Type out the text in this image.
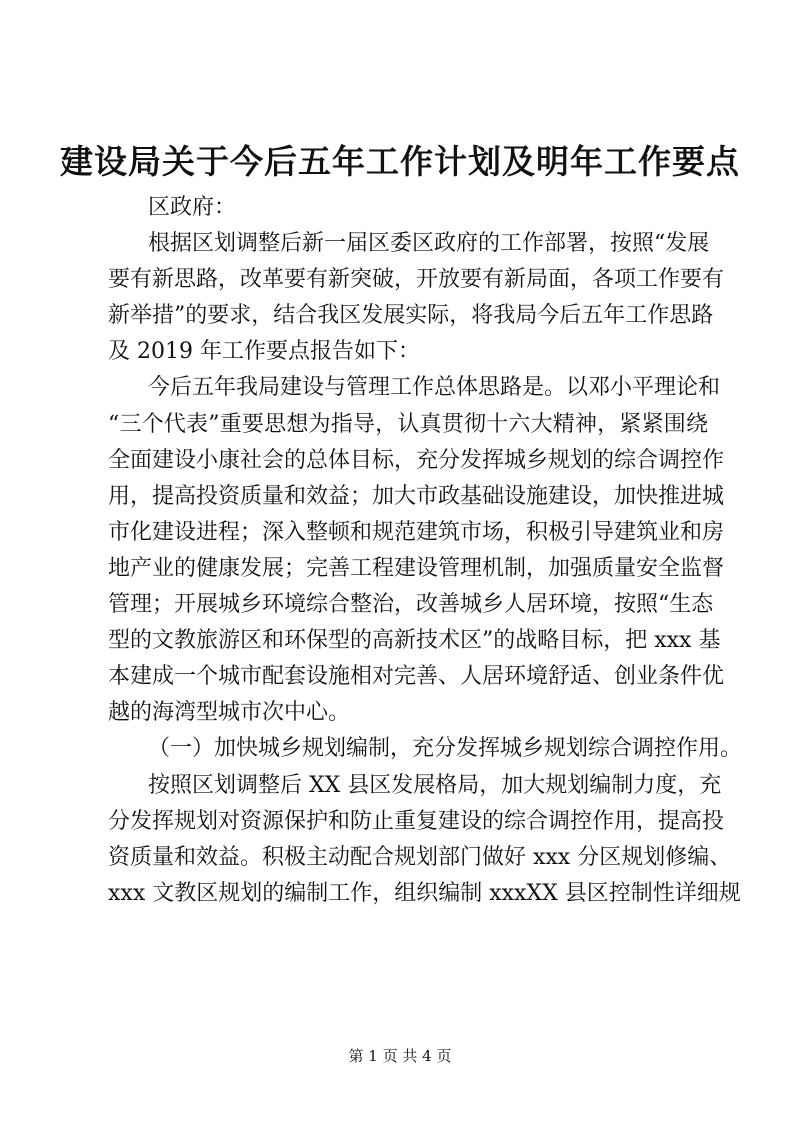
建设局关于今后五年工作计划及明年工作要点
区政府：
根据区划调整后新一届区委区政府的工作部署，按照“发展
要有新思路，改革要有新突破，开放要有新局面，各项工作要有
新举措”的要求，结合我区发展实际，将我局今后五年工作思路
及 2019 年工作要点报告如下：
今后五年我局建设与管理工作总体思路是。以邓小平理论和
“三个代表”重要思想为指导，认真贯彻十六大精神，紧紧围绕
全面建设小康社会的总体目标，充分发挥城乡规划的综合调控作
用，提高投资质量和效益；加大市政基础设施建设，加快推进城
市化建设进程；深入整顿和规范建筑市场，积极引导建筑业和房
地产业的健康发展；完善工程建设管理机制，加强质量安全监督
管理；开展城乡环境综合整治，改善城乡人居环境，按照“生态
型的文教旅游区和环保型的高新技术区”的战略目标，把 xxx 基
本建成一个城市配套设施相对完善、人居环境舒适、创业条件优
越的海湾型城市次中心。
（一）加快城乡规划编制，充分发挥城乡规划综合调控作用。
按照区划调整后 XX 县区发展格局，加大规划编制力度，充
分发挥规划对资源保护和防止重复建设的综合调控作用，提高投
资质量和效益。积极主动配合规划部门做好 xxx 分区规划修编、
xxx 文教区规划的编制工作，组织编制 xxxXX 县区控制性详细规
第 1 页 共 4 页
